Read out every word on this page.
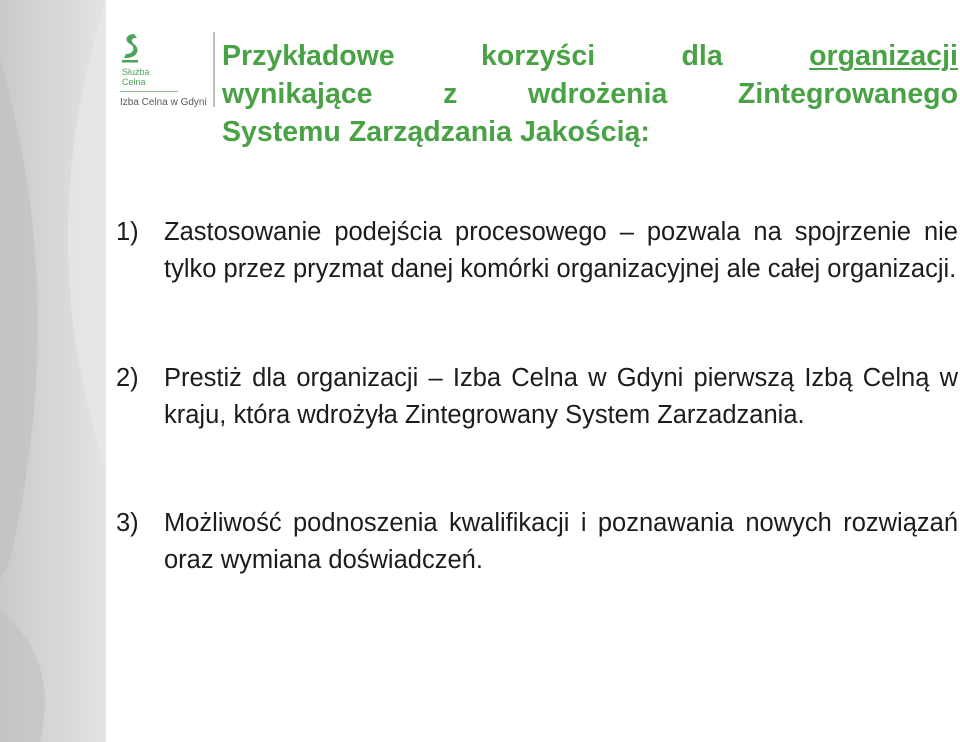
Służba
Celna
Izba Celna w Gdyni
Przykładowe	korzyści	dla	organizacji
wynikające z wdrożenia Zintegrowanego
Systemu Zarządzania Jakością:
1) Zastosowanie podejścia procesowego – pozwala na spojrzenie nie tylko przez pryzmat danej komórki organizacyjnej ale całej organizacji.
2) Prestiż dla organizacji – Izba Celna w Gdyni pierwszą Izbą Celną w kraju, która wdrożyła Zintegrowany System Zarzadzania.
3) Możliwość podnoszenia kwalifikacji i poznawania nowych rozwiązań oraz wymiana doświadczeń.
